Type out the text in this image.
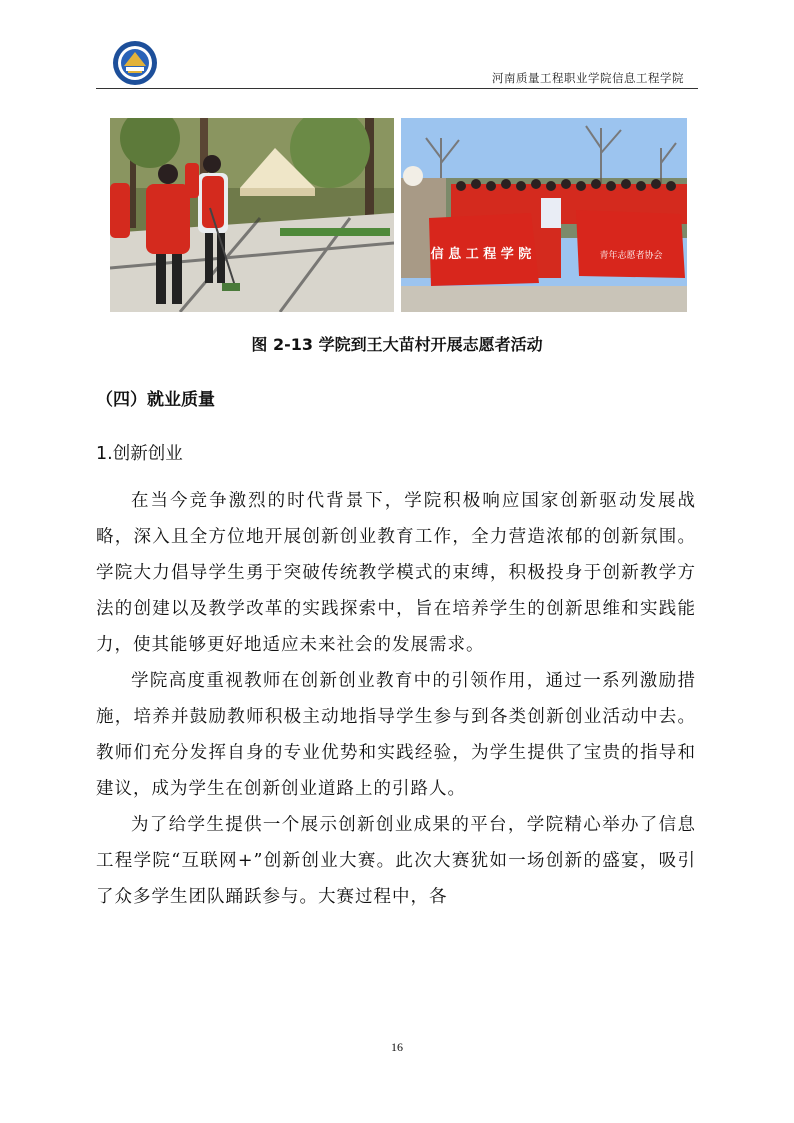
河南质量工程职业学院信息工程学院
信 息 工 程 学 院	青年志愿者协会
图 2-13 学院到王大苗村开展志愿者活动
（四）就业质量
1.创新创业

在当今竞争激烈的时代背景下，学院积极响应国家创新驱动发展战略，深入且全方位地开展创新创业教育工作，全力营造浓郁的创新氛围。学院大力倡导学生勇于突破传统教学模式的束缚，积极投身于创新教学方法的创建以及教学改革的实践探索中，旨在培养学生的创新思维和实践能力，使其能够更好地适应未来社会的发展需求。

学院高度重视教师在创新创业教育中的引领作用，通过一系列激励措施，培养并鼓励教师积极主动地指导学生参与到各类创新创业活动中去。教师们充分发挥自身的专业优势和实践经验，为学生提供了宝贵的指导和建议，成为学生在创新创业道路上的引路人。

为了给学生提供一个展示创新创业成果的平台，学院精心举办了信息工程学院“互联网+”创新创业大赛。此次大赛犹如一场创新的盛宴，吸引了众多学生团队踊跃参与。大赛过程中，各

16
